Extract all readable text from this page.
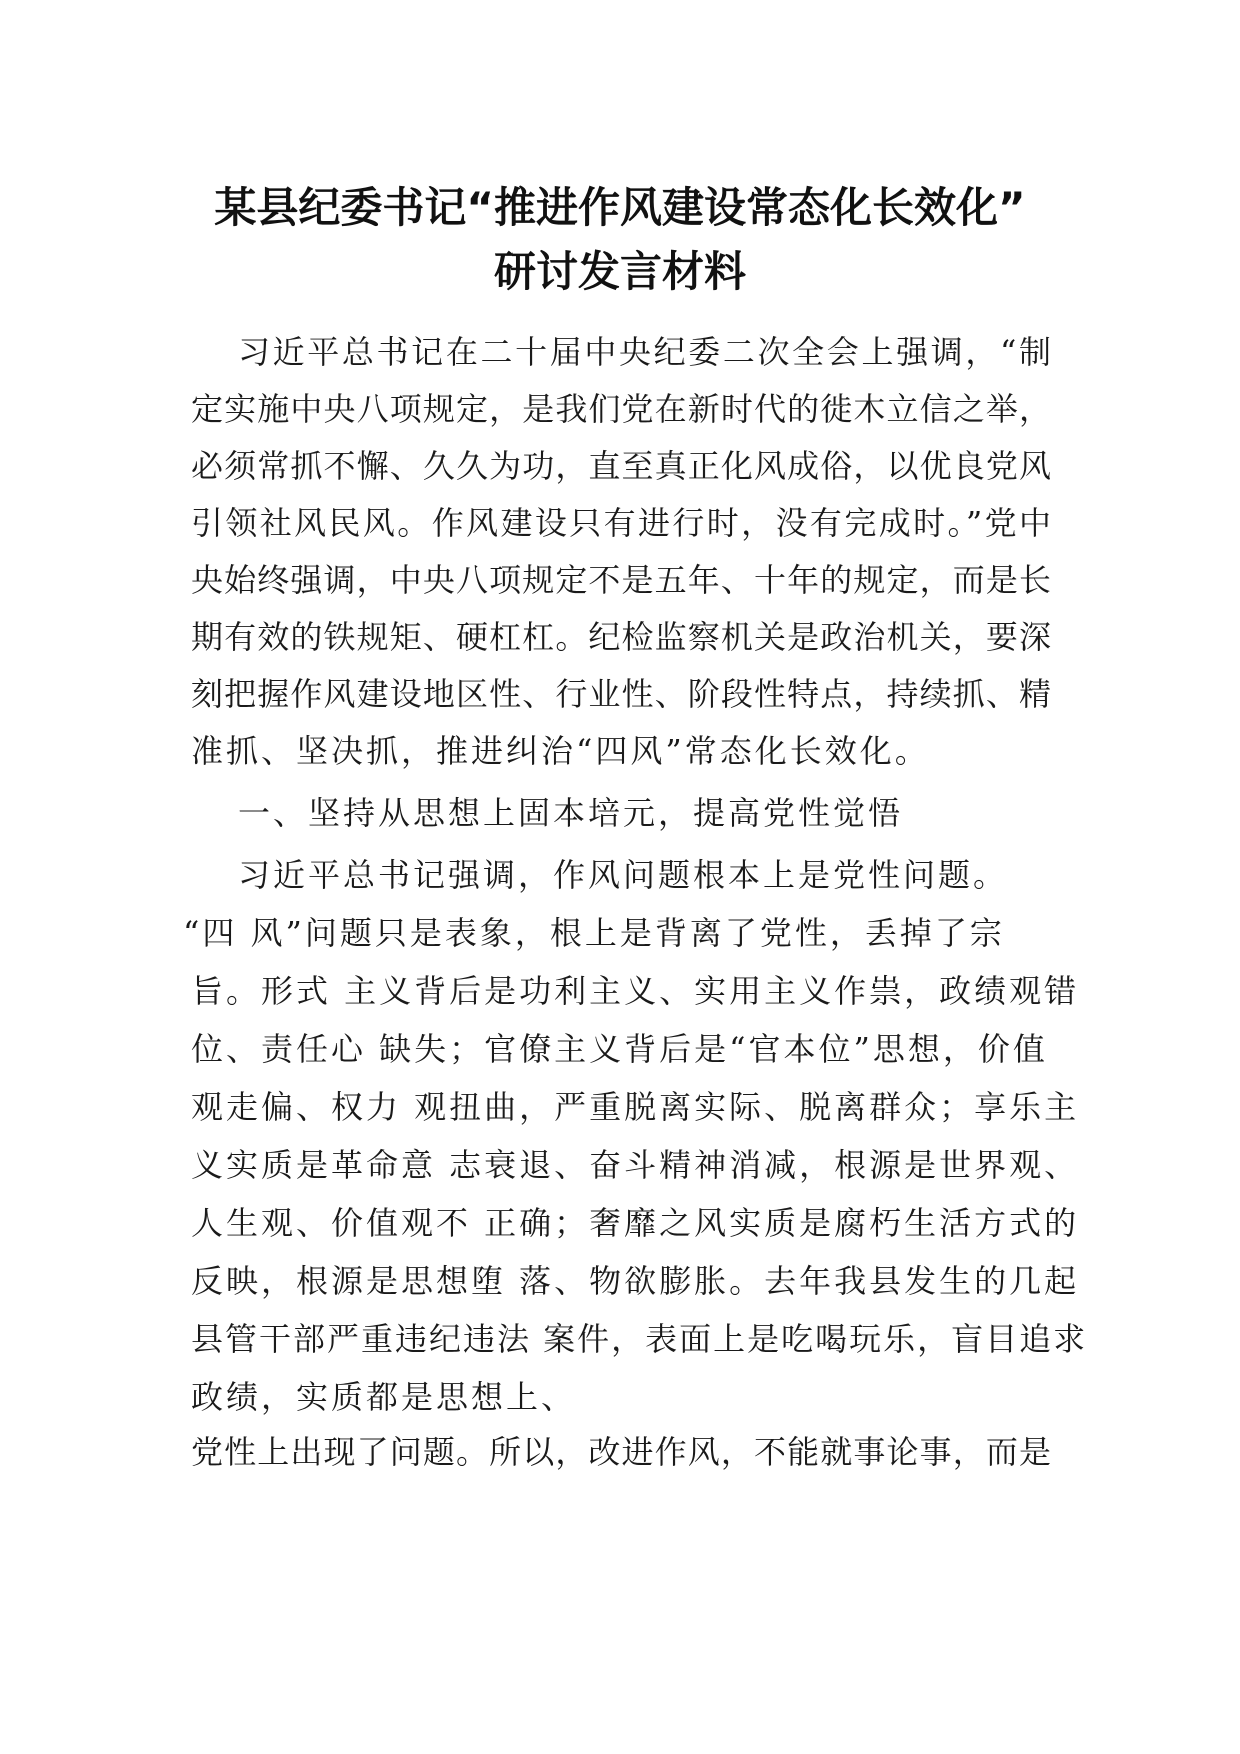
某县纪委书记“推进作风建设常态化长效化”
研讨发言材料
习近平总书记在二十届中央纪委二次全会上强调，“制
定实施中央八项规定，是我们党在新时代的徙木立信之举，
必须常抓不懈、久久为功，直至真正化风成俗，以优良党风
引领社风民风。作风建设只有进行时，没有完成时。”党中
央始终强调，中央八项规定不是五年、十年的规定，而是长
期有效的铁规矩、硬杠杠。纪检监察机关是政治机关，要深
刻把握作风建设地区性、行业性、阶段性特点，持续抓、精
准抓、坚决抓，推进纠治“四风”常态化长效化。
一、坚持从思想上固本培元，提高党性觉悟
习近平总书记强调，作风问题根本上是党性问题。
“四 风”问题只是表象，根上是背离了党性，丢掉了宗
旨。形式 主义背后是功利主义、实用主义作祟，政绩观错
位、责任心 缺失；官僚主义背后是“官本位”思想，价值
观走偏、权力 观扭曲，严重脱离实际、脱离群众；享乐主
义实质是革命意 志衰退、奋斗精神消减，根源是世界观、
人生观、价值观不 正确；奢靡之风实质是腐朽生活方式的
反映，根源是思想堕 落、物欲膨胀。去年我县发生的几起
县管干部严重违纪违法 案件，表面上是吃喝玩乐，盲目追求
政绩，实质都是思想上、
党性上出现了问题。所以，改进作风，不能就事论事，而是
